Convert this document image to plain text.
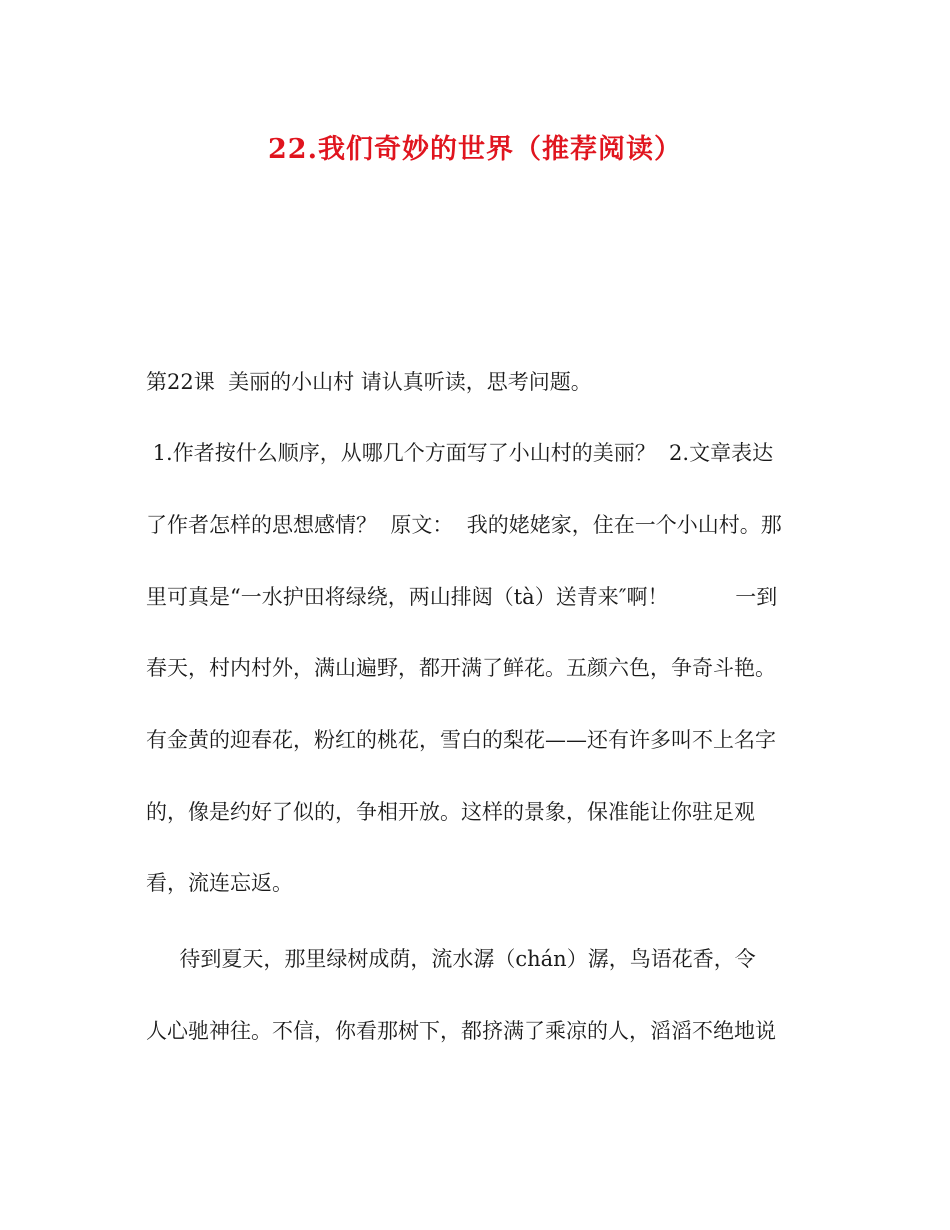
22.我们奇妙的世界（推荐阅读）
第22课  美丽的小山村 请认真听读，思考问题。
1.作者按什么顺序，从哪几个方面写了小山村的美丽？  2.文章表达
了作者怎样的思想感情？  原文：  我的姥姥家，住在一个小山村。那
里可真是“一水护田将绿绕，两山排闼（tà）送青来″啊！          一到
春天，村内村外，满山遍野，都开满了鲜花。五颜六色，争奇斗艳。
有金黄的迎春花，粉红的桃花，雪白的梨花——还有许多叫不上名字
的，像是约好了似的，争相开放。这样的景象，保准能让你驻足观
看，流连忘返。
待到夏天，那里绿树成荫，流水潺（chán）潺，鸟语花香，令
人心驰神往。不信，你看那树下，都挤满了乘凉的人，滔滔不绝地说
